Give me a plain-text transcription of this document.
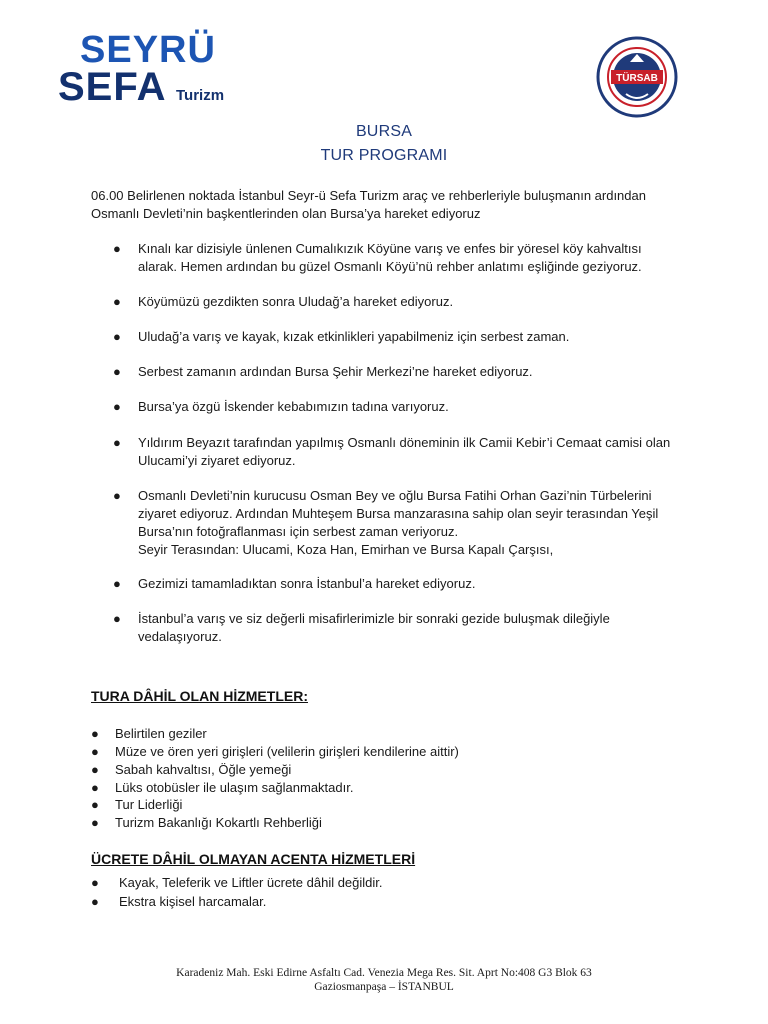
SEYRÜ
SEFA Turizm
TÜRSAB
BURSA
TUR PROGRAMI
06.00 Belirlenen noktada İstanbul Seyr-ü Sefa Turizm araç ve rehberleriyle buluşmanın ardından Osmanlı Devleti’nin başkentlerinden olan Bursa’ya hareket ediyoruz
● Kınalı kar dizisiyle ünlenen Cumalıkızık Köyüne varış ve enfes bir yöresel köy kahvaltısı alarak. Hemen ardından bu güzel Osmanlı Köyü’nü rehber anlatımı eşliğinde geziyoruz.
● Köyümüzü gezdikten sonra Uludağ’a hareket ediyoruz.
● Uludağ’a varış ve kayak, kızak etkinlikleri yapabilmeniz için serbest zaman.
● Serbest zamanın ardından Bursa Şehir Merkezi’ne hareket ediyoruz.
● Bursa’ya özgü İskender kebabımızın tadına varıyoruz.
● Yıldırım Beyazıt tarafından yapılmış Osmanlı döneminin ilk Camii Kebir’i Cemaat camisi olan Ulucami’yi ziyaret ediyoruz.
● Osmanlı Devleti’nin kurucusu Osman Bey ve oğlu Bursa Fatihi Orhan Gazi’nin Türbelerini ziyaret ediyoruz. Ardından Muhteşem Bursa manzarasına sahip olan seyir terasından Yeşil Bursa’nın fotoğraflanması için serbest zaman veriyoruz.
Seyir Terasından: Ulucami, Koza Han, Emirhan ve Bursa Kapalı Çarşısı,
● Gezimizi tamamladıktan sonra İstanbul’a hareket ediyoruz.
● İstanbul’a varış ve siz değerli misafirlerimizle bir sonraki gezide buluşmak dileğiyle vedalaşıyoruz.
TURA DÂHİL OLAN HİZMETLER:
● Belirtilen geziler
● Müze ve ören yeri girişleri (velilerin girişleri kendilerine aittir)
● Sabah kahvaltısı, Öğle yemeği
● Lüks otobüsler ile ulaşım sağlanmaktadır.
● Tur Liderliği
● Turizm Bakanlığı Kokartlı Rehberliği
ÜCRETE DÂHİL OLMAYAN ACENTA HİZMETLERİ
● Kayak, Teleferik ve Liftler ücrete dâhil değildir.
● Ekstra kişisel harcamalar.
Karadeniz Mah. Eski Edirne Asfaltı Cad. Venezia Mega Res. Sit. Aprt No:408 G3 Blok 63
Gaziosmanpaşa – İSTANBUL
